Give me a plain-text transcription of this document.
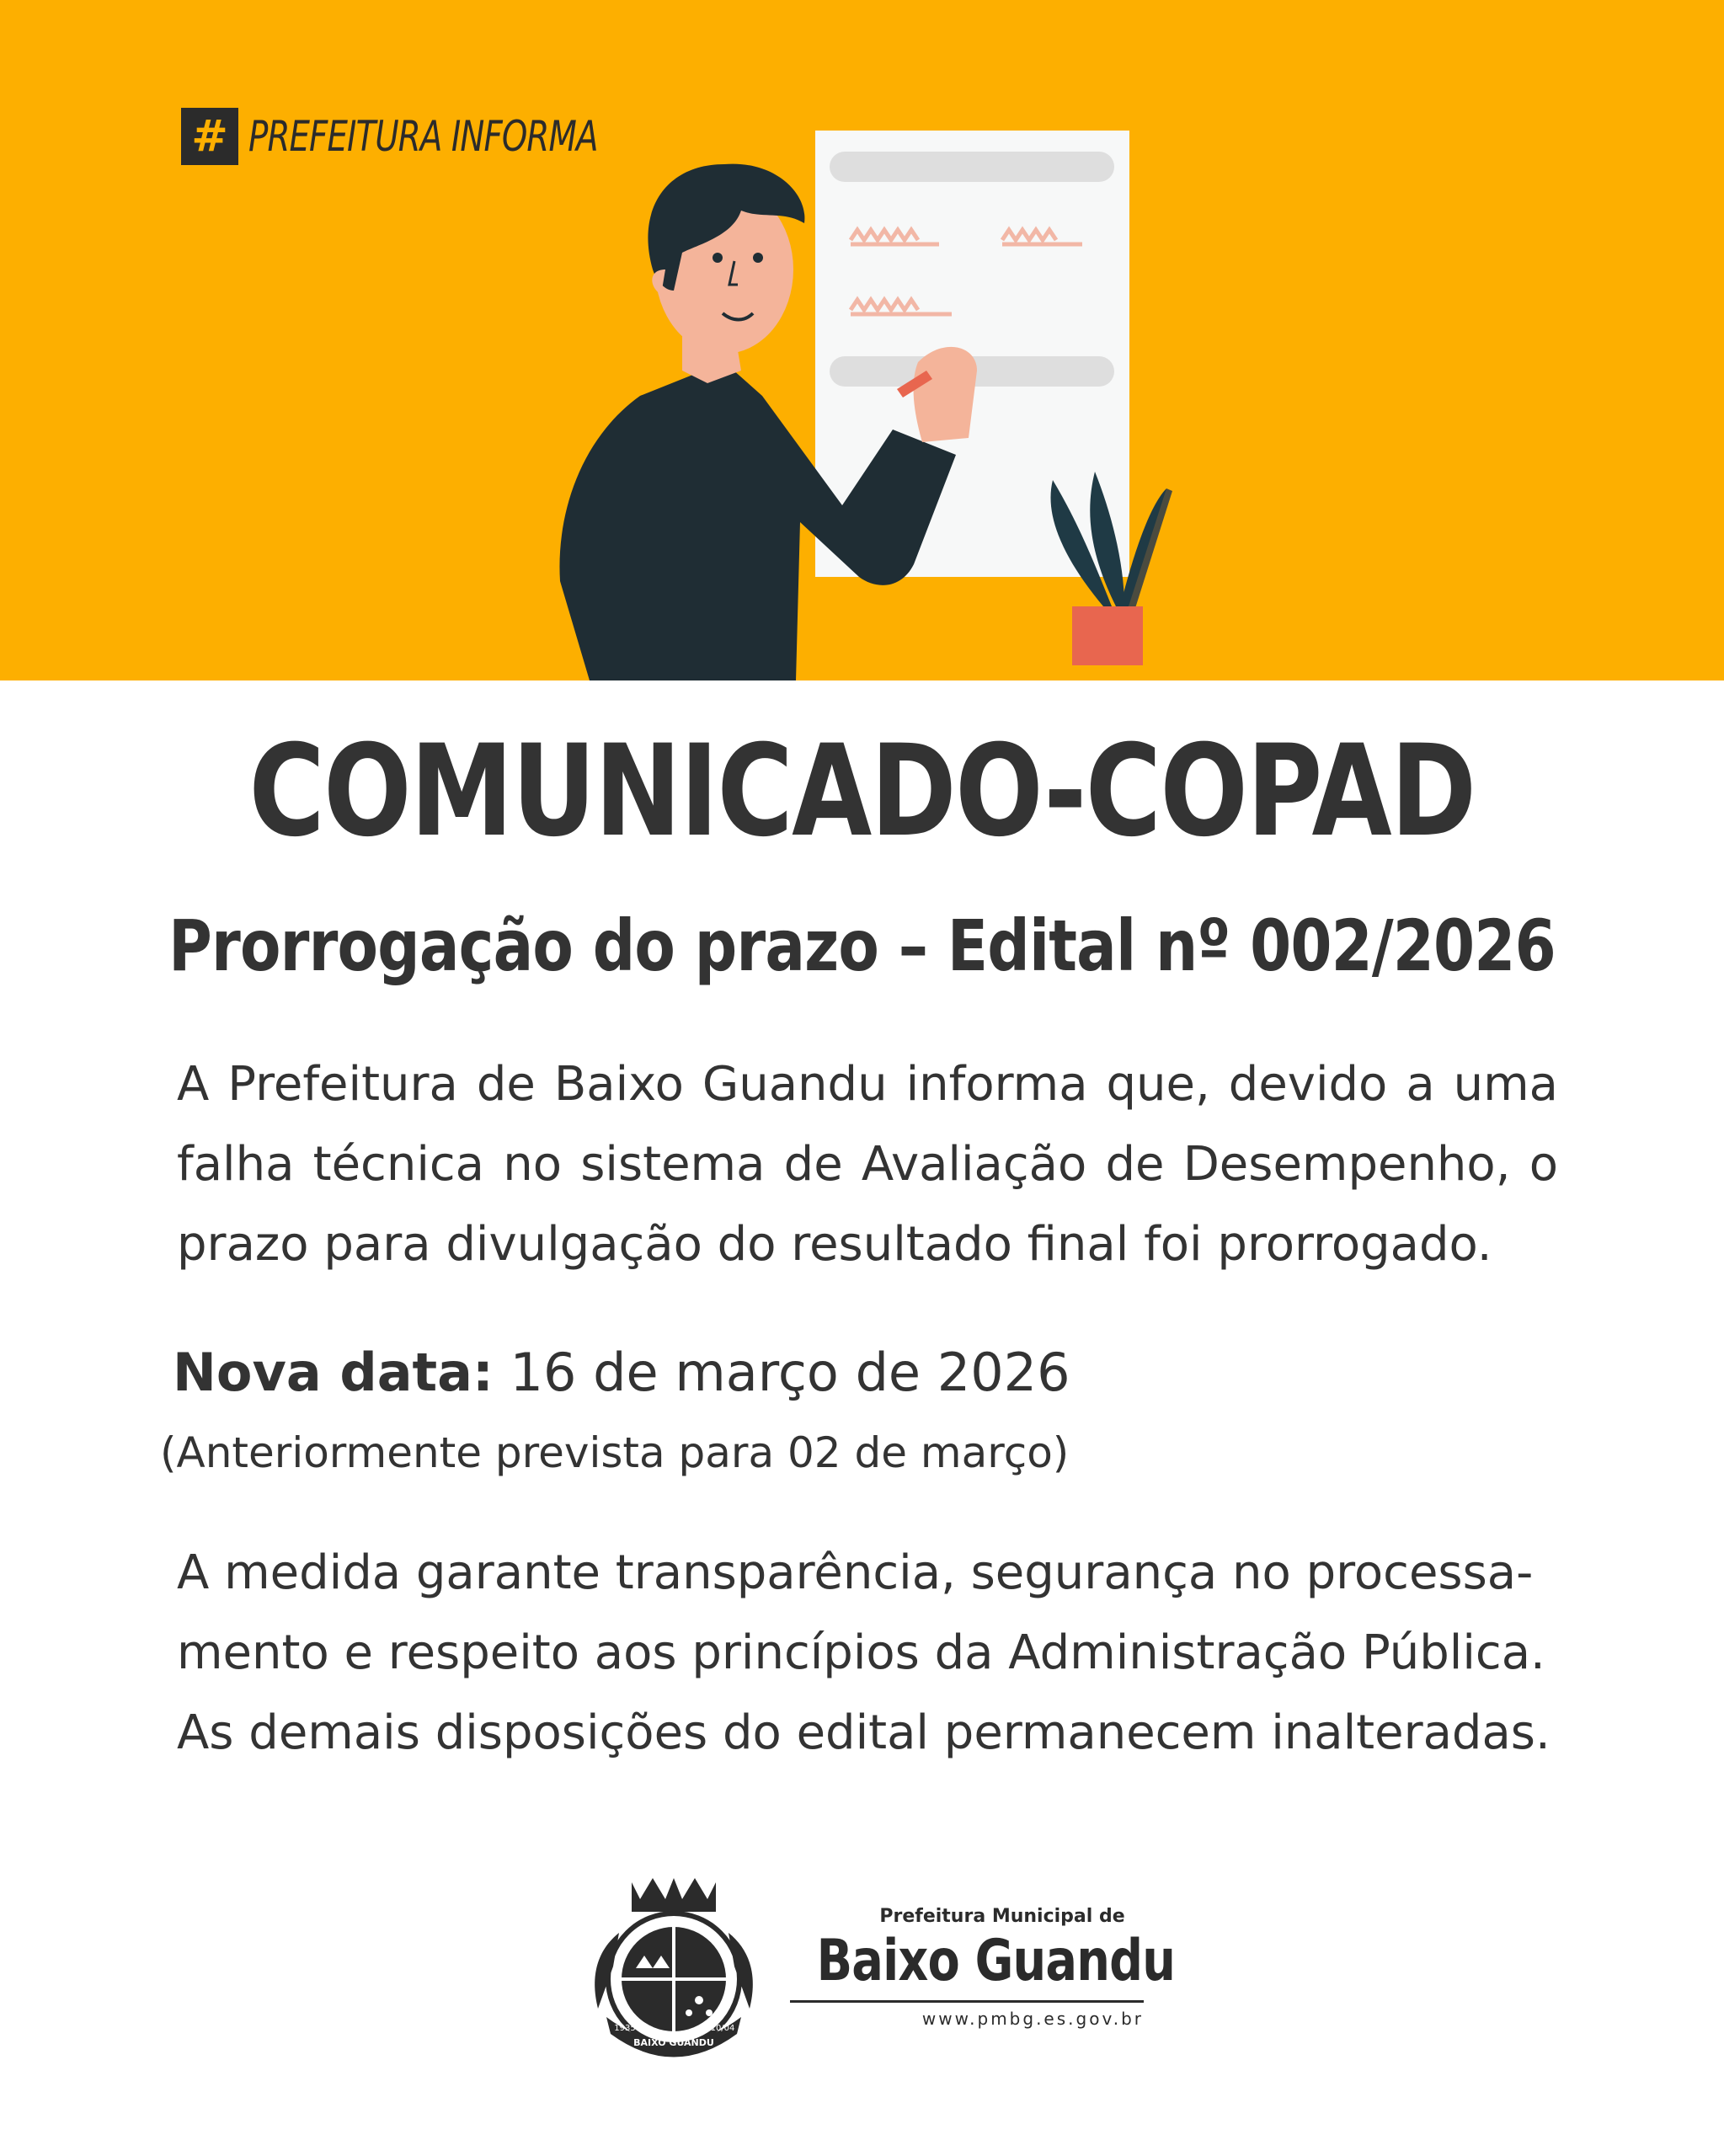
# PREFEITURA INFORMA
COMUNICADO-COPAD
Prorrogação do prazo – Edital nº 002/2026
A Prefeitura de Baixo Guandu informa que, devido a uma falha técnica no sistema de Avaliação de Desempenho, o prazo para divulgação do resultado final foi prorrogado.
Nova data: 16 de março de 2026
(Anteriormente prevista para 02 de março)
A medida garante transparência, segurança no processa-
mento e respeito aos princípios da Administração Pública.
As demais disposições do edital permanecem inalteradas.
BAIXO GUANDU
1935	10/04
Prefeitura Municipal de
Baixo Guandu
www.pmbg.es.gov.br
